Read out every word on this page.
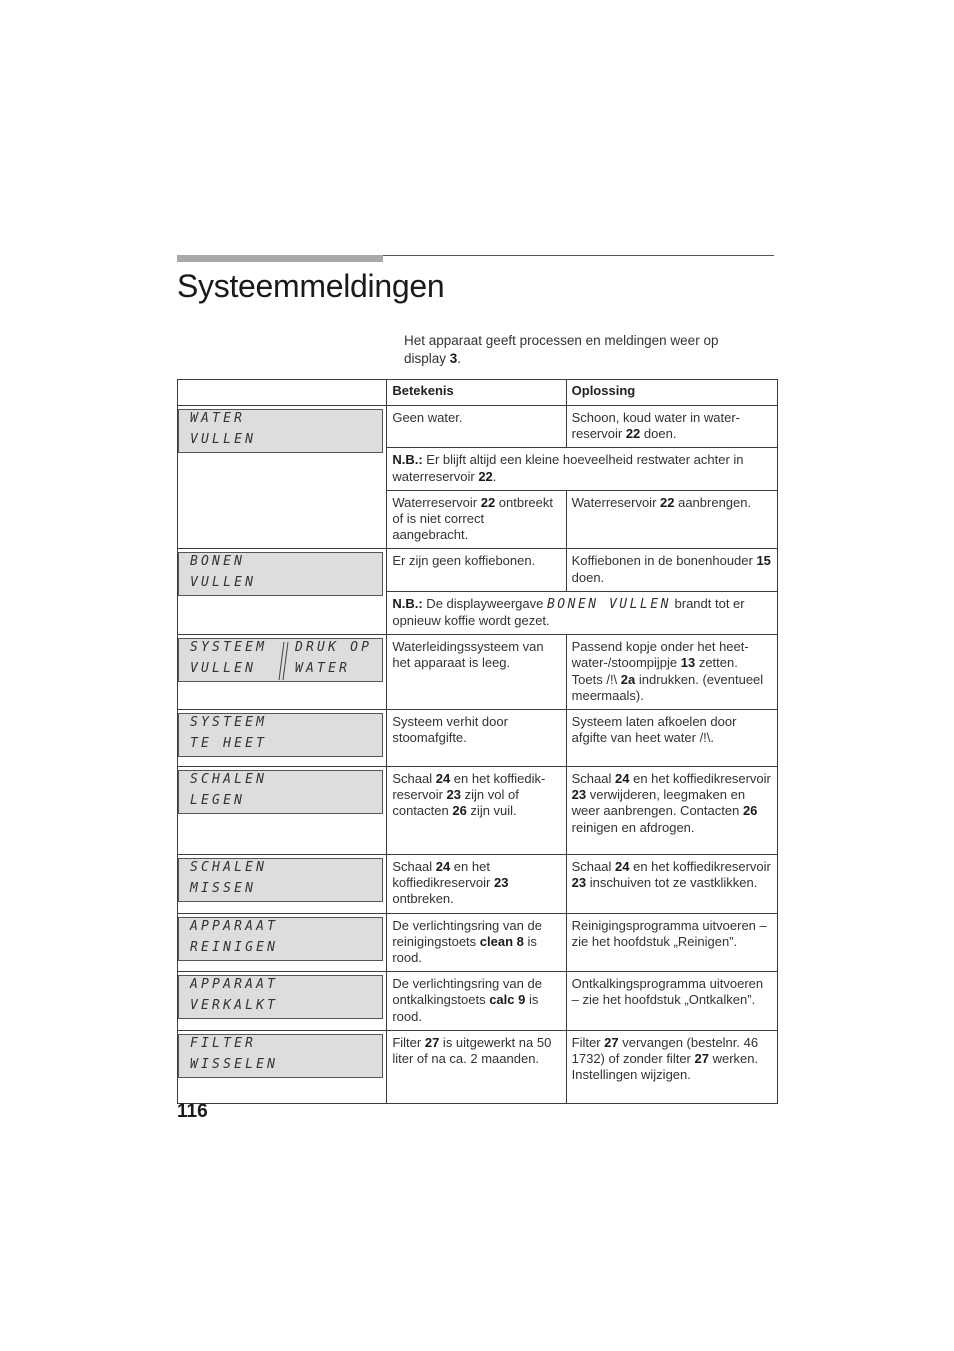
Systeemmeldingen
Het apparaat geeft processen en meldingen weer op display 3.
	Betekenis	Oplossing

WATER
VULLEN	Geen water.	Schoon, koud water in water-reservoir 22 doen.
	N.B.: Er blijft altijd een kleine hoeveelheid restwater achter in waterreservoir 22.	
	Waterreservoir 22 ontbreekt of is niet correct aangebracht.	Waterreservoir 22 aanbrengen.

BONEN
VULLEN	Er zijn geen koffiebonen.	Koffiebonen in de bonenhouder 15 doen.
	N.B.: De displayweergave BONEN VULLEN brandt tot er opnieuw koffie wordt gezet.	

SYSTEEM
VULLEN
DRUK OP
WATER	Waterleidingssysteem van het apparaat is leeg.	Passend kopje onder het heet-water-/stoompijpje 13 zetten. Toets /!\ 2a indrukken. (eventueel meermaals).

SYSTEEM
TE HEET	Systeem verhit door stoomafgifte.	Systeem laten afkoelen door afgifte van heet water /!\.

SCHALEN
LEGEN	Schaal 24 en het koffiedik-reservoir 23 zijn vol of contacten 26 zijn vuil.	Schaal 24 en het koffiedikreservoir 23 verwijderen, leegmaken en weer aanbrengen. Contacten 26 reinigen en afdrogen.

SCHALEN
MISSEN	Schaal 24 en het koffiedikreservoir 23 ontbreken.	Schaal 24 en het koffiedikreservoir 23 inschuiven tot ze vastklikken.

APPARAAT
REINIGEN	De verlichtingsring van de reinigingstoets clean 8 is rood.	Reinigingsprogramma uitvoeren – zie het hoofdstuk „Reinigen”.

APPARAAT
VERKALKT	De verlichtingsring van de ontkalkingstoets calc 9 is rood.	Ontkalkingsprogramma uitvoeren – zie het hoofdstuk „Ontkalken”.

FILTER
WISSELEN	Filter 27 is uitgewerkt na 50 liter of na ca. 2 maanden.	Filter 27 vervangen (bestelnr. 46 1732) of zonder filter 27 werken. Instellingen wijzigen.
116
